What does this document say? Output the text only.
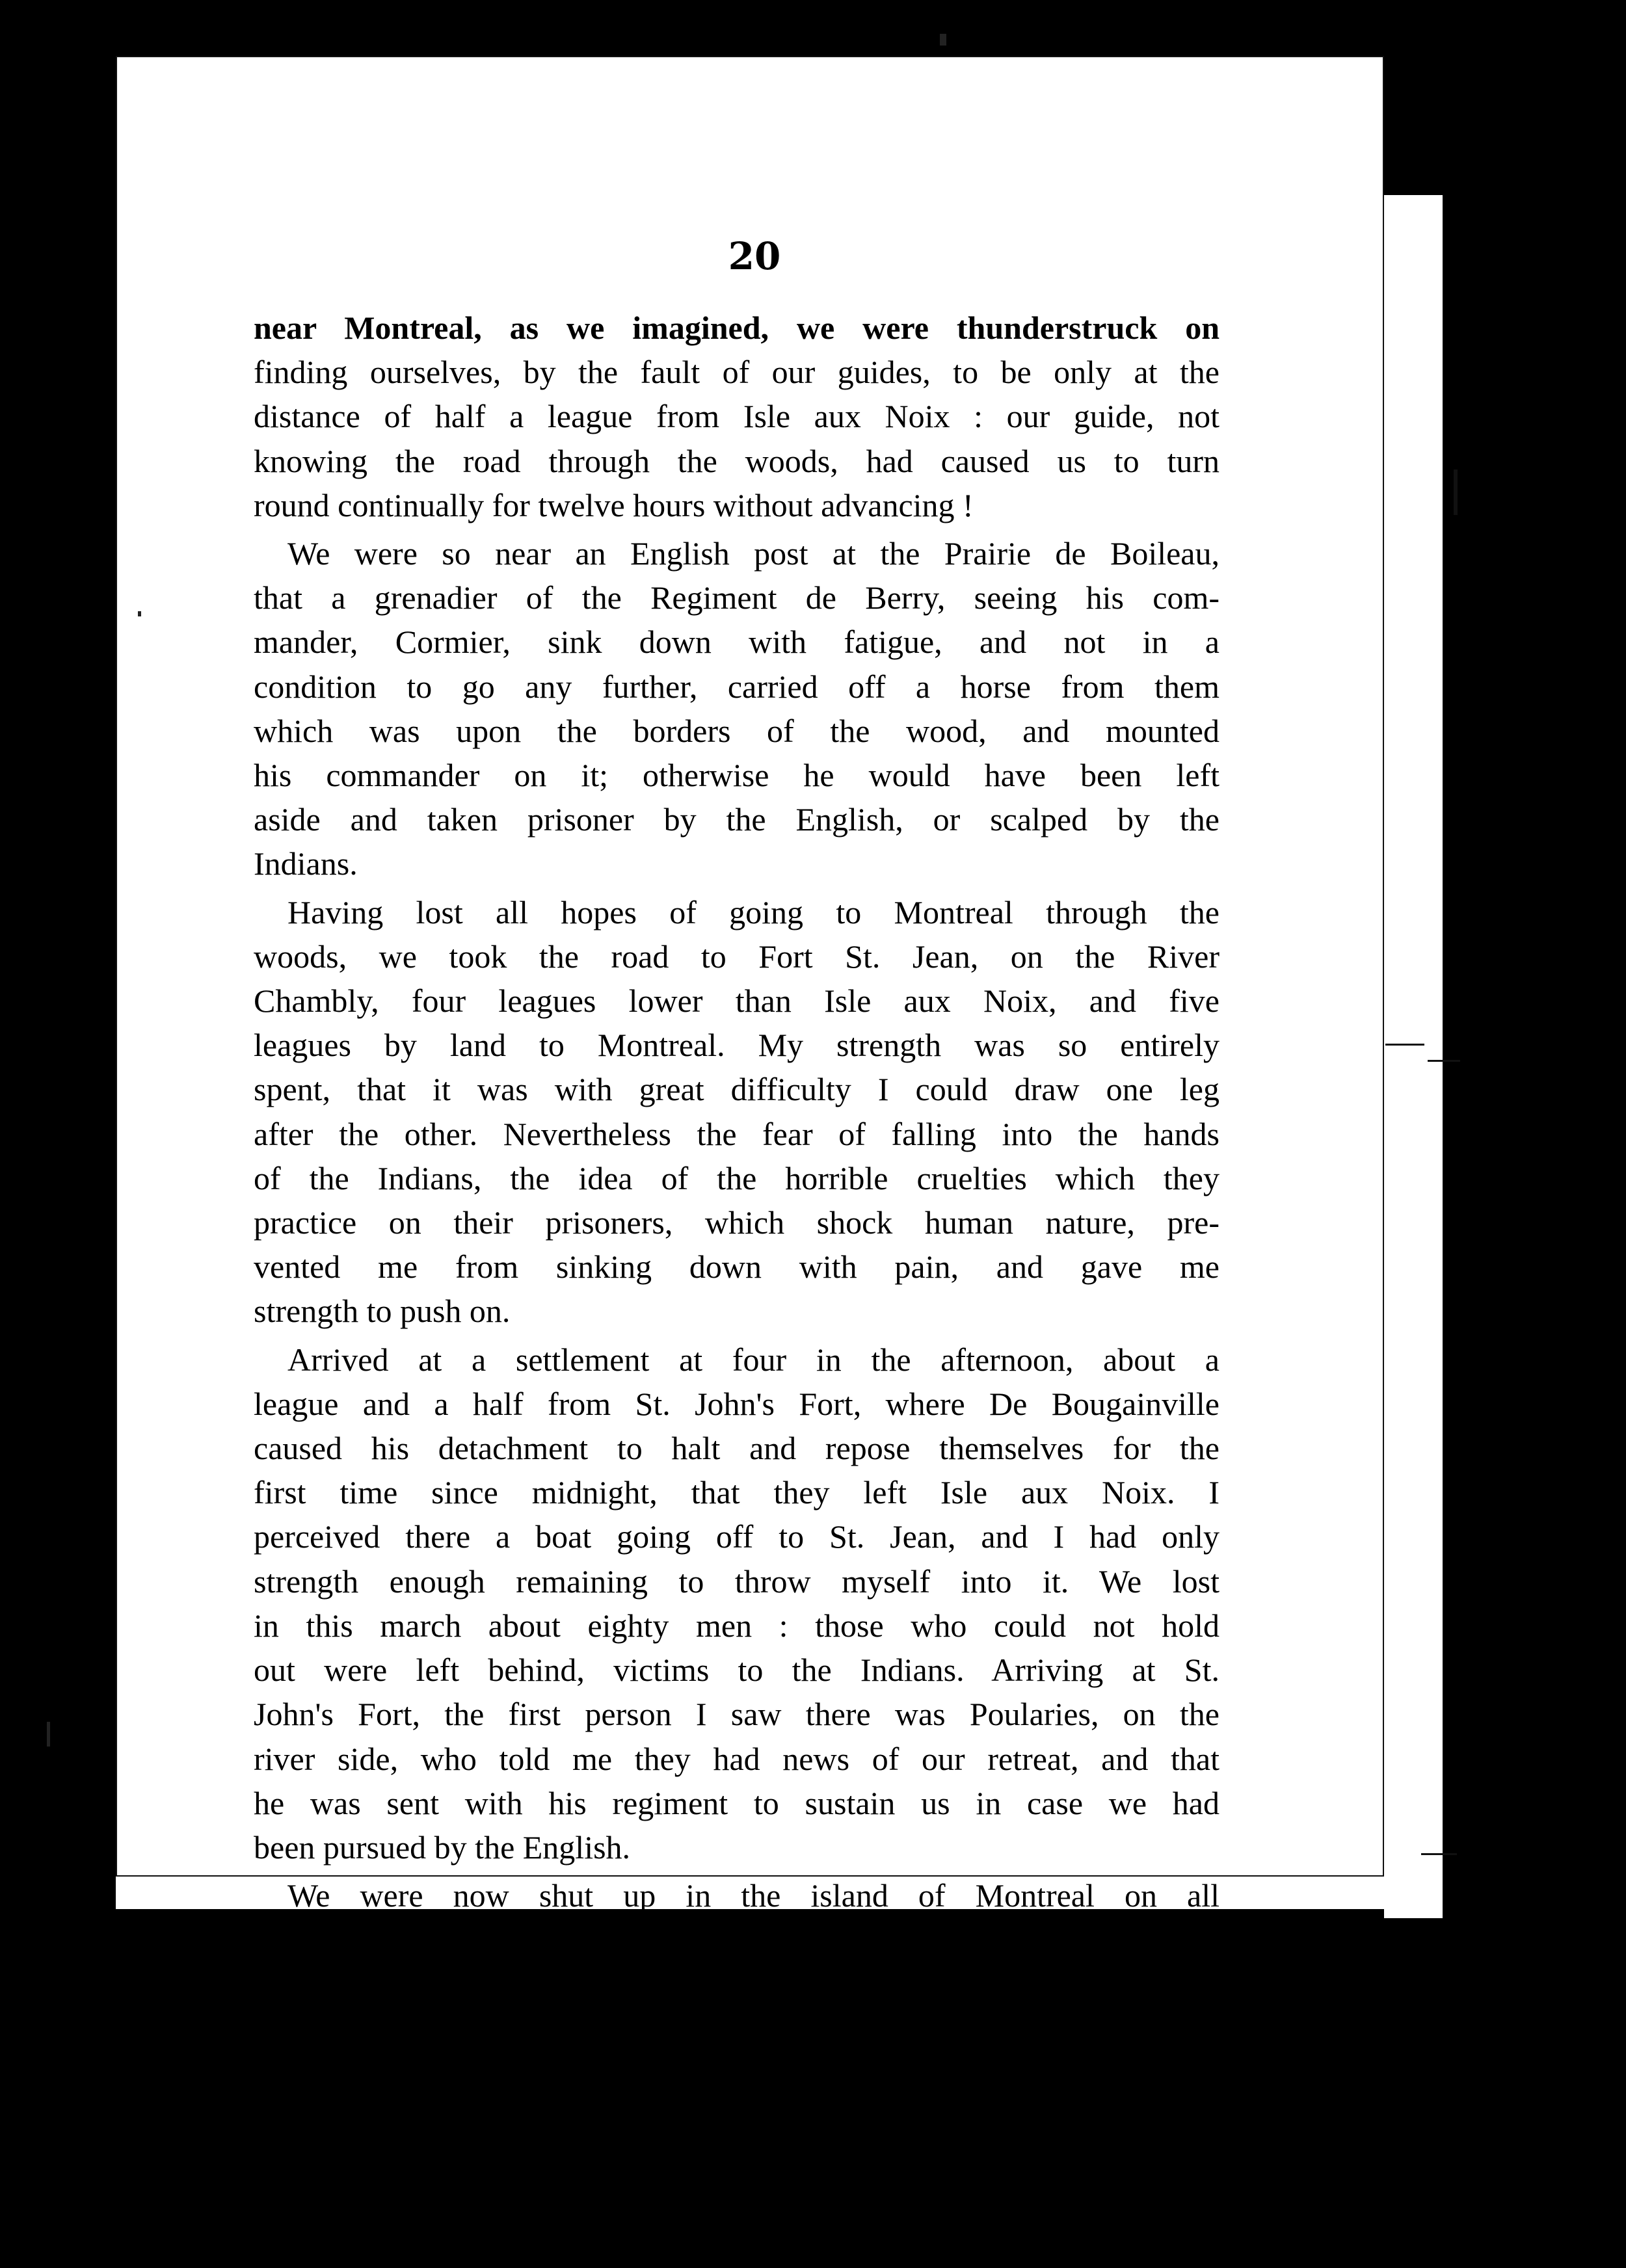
20

near Montreal, as we imagined, we were thunderstruck on
finding ourselves, by the fault of our guides, to be only at the
distance of half a league from Isle aux Noix : our guide, not
knowing the road through the woods, had caused us to turn
round continually for twelve hours without advancing !

We were so near an English post at the Prairie de Boileau,
that a grenadier of the Regiment de Berry, seeing his com-
mander, Cormier, sink down with fatigue, and not in a
condition to go any further, carried off a horse from them
which was upon the borders of the wood, and mounted
his commander on it; otherwise he would have been left
aside and taken prisoner by the English, or scalped by the
Indians.

Having lost all hopes of going to Montreal through the
woods, we took the road to Fort St. Jean, on the River
Chambly, four leagues lower than Isle aux Noix, and five
leagues by land to Montreal. My strength was so entirely
spent, that it was with great difficulty I could draw one leg
after the other. Nevertheless the fear of falling into the hands
of the Indians, the idea of the horrible cruelties which they
practice on their prisoners, which shock human nature, pre-
vented me from sinking down with pain, and gave me
strength to push on.

Arrived at a settlement at four in the afternoon, about a
league and a half from St. John's Fort, where De Bougainville
caused his detachment to halt and repose themselves for the
first time since midnight, that they left Isle aux Noix. I
perceived there a boat going off to St. Jean, and I had only
strength enough remaining to throw myself into it. We lost
in this march about eighty men : those who could not hold
out were left behind, victims to the Indians. Arriving at St.
John's Fort, the first person I saw there was Poularies, on the
river side, who told me they had news of our retreat, and that
he was sent with his regiment to sustain us in case we had
been pursued by the English.

We were now shut up in the island of Montreal on all
sides. The English were masters of the River Chambly by
